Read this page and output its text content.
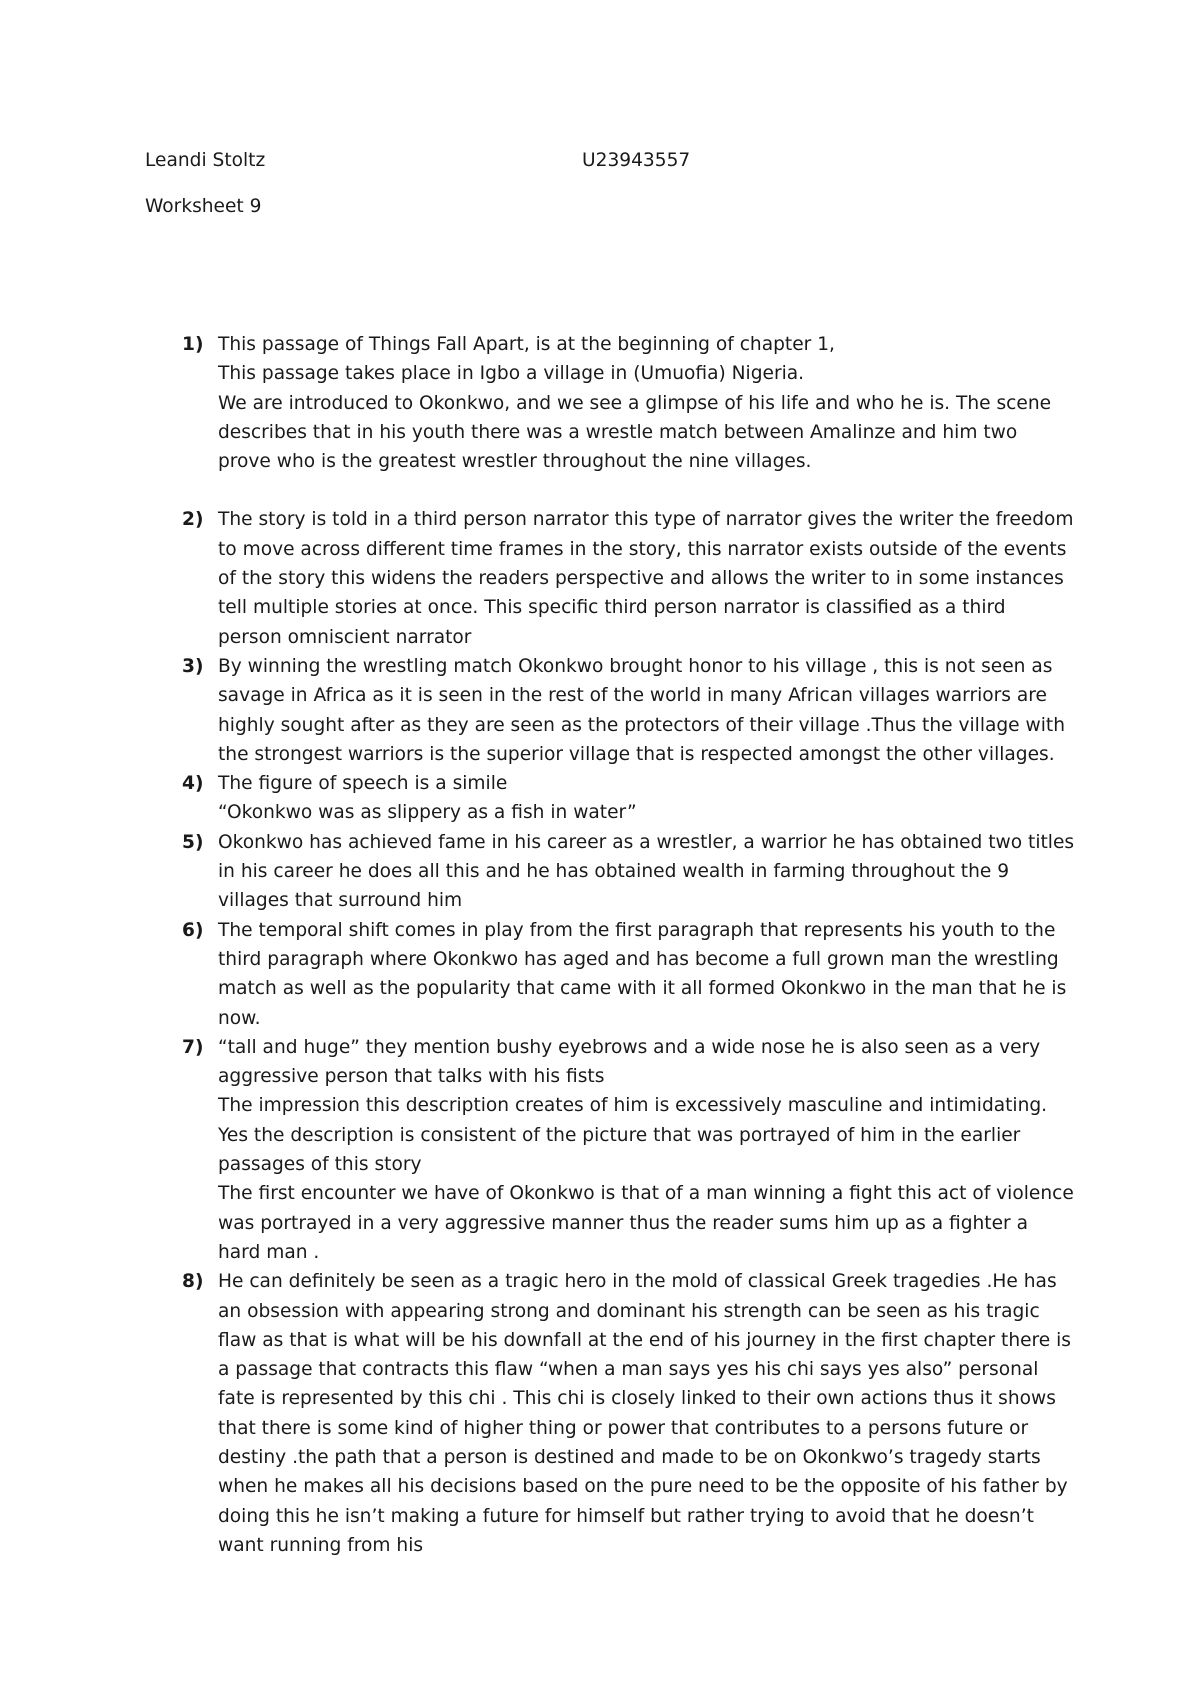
Leandi Stoltz	U23943557
Worksheet 9
1) This passage of Things Fall Apart, is at the beginning of chapter 1,

This passage takes place in Igbo a village in (Umuofia) Nigeria.

We are introduced to Okonkwo, and we see a glimpse of his life and who he is. The scene describes that in his youth there was a wrestle match between Amalinze and him two prove who is the greatest wrestler throughout the nine villages.

2) The story is told in a third person narrator this type of narrator gives the writer the freedom to move across different time frames in the story, this narrator exists outside of the events of the story this widens the readers perspective and allows the writer to in some instances tell multiple stories at once. This specific third person narrator is classified as a third person omniscient narrator

3) By winning the wrestling match Okonkwo brought honor to his village , this is not seen as savage in Africa as it is seen in the rest of the world in many African villages warriors are highly sought after as they are seen as the protectors of their village .Thus the village with the strongest warriors is the superior village that is respected amongst the other villages.

4) The figure of speech is a simile

“Okonkwo was as slippery as a fish in water”

5) Okonkwo has achieved fame in his career as a wrestler, a warrior he has obtained two titles in his career he does all this and he has obtained wealth in farming throughout the 9 villages that surround him

6) The temporal shift comes in play from the first paragraph that represents his youth to the third paragraph where Okonkwo has aged and has become a full grown man the wrestling match as well as the popularity that came with it all formed Okonkwo in the man that he is now.

7) “tall and huge” they mention bushy eyebrows and a wide nose he is also seen as a very aggressive person that talks with his fists

The impression this description creates of him is excessively masculine and intimidating.

Yes the description is consistent of the picture that was portrayed of him in the earlier passages of this story

The first encounter we have of Okonkwo is that of a man winning a fight this act of violence was portrayed in a very aggressive manner thus the reader sums him up as a fighter a hard man .

8) He can definitely be seen as a tragic hero in the mold of classical Greek tragedies .He has an obsession with appearing strong and dominant his strength can be seen as his tragic flaw as that is what will be his downfall at the end of his journey in the first chapter there is a passage that contracts this flaw “when a man says yes his chi says yes also” personal fate is represented by this chi . This chi is closely linked to their own actions thus it shows that there is some kind of higher thing or power that contributes to a persons future or destiny .the path that a person is destined and made to be on Okonkwo’s tragedy starts when he makes all his decisions based on the pure need to be the opposite of his father by doing this he isn’t making a future for himself but rather trying to avoid that he doesn’t want running from his
